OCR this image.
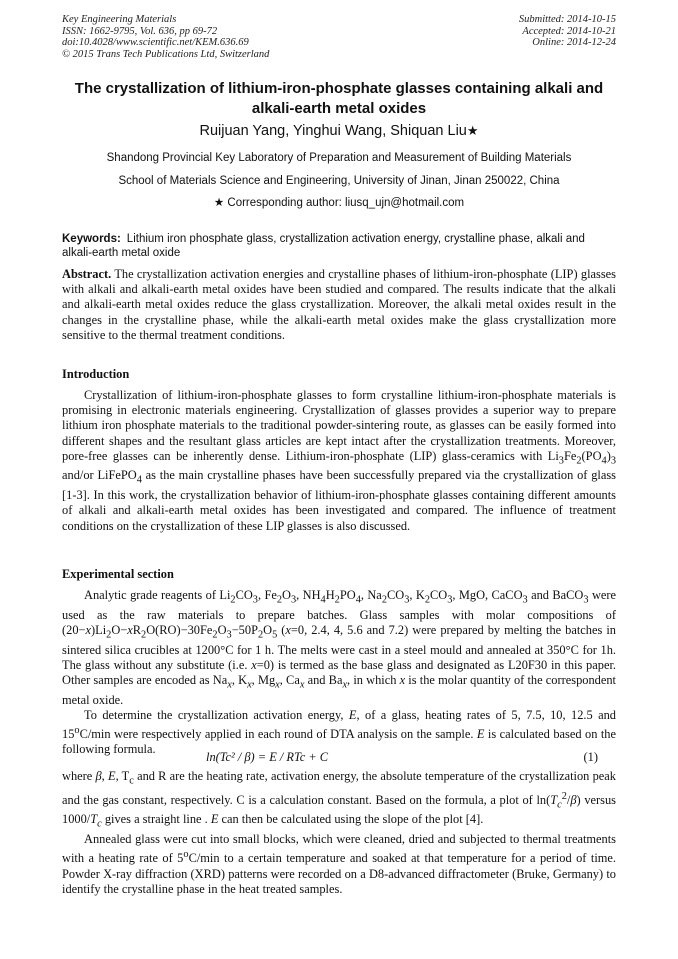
Key Engineering Materials
ISSN: 1662-9795, Vol. 636, pp 69-72
doi:10.4028/www.scientific.net/KEM.636.69
© 2015 Trans Tech Publications Ltd, Switzerland
Submitted: 2014-10-15
Accepted: 2014-10-21
Online: 2014-12-24
The crystallization of lithium-iron-phosphate glasses containing alkali and alkali-earth metal oxides
Ruijuan Yang, Yinghui Wang, Shiquan Liu★
Shandong Provincial Key Laboratory of Preparation and Measurement of Building Materials
School of Materials Science and Engineering, University of Jinan, Jinan 250022, China
★ Corresponding author: liusq_ujn@hotmail.com
Keywords: Lithium iron phosphate glass, crystallization activation energy, crystalline phase, alkali and alkali-earth metal oxide
Abstract. The crystallization activation energies and crystalline phases of lithium-iron-phosphate (LIP) glasses with alkali and alkali-earth metal oxides have been studied and compared. The results indicate that the alkali and alkali-earth metal oxides reduce the glass crystallization. Moreover, the alkali metal oxides result in the changes in the crystalline phase, while the alkali-earth metal oxides make the glass crystallization more sensitive to the thermal treatment conditions.
Introduction

Crystallization of lithium-iron-phosphate glasses to form crystalline lithium-iron-phosphate materials is promising in electronic materials engineering. Crystallization of glasses provides a superior way to prepare lithium iron phosphate materials to the traditional powder-sintering route, as glasses can be easily formed into different shapes and the resultant glass articles are kept intact after the crystallization treatments. Moreover, pore-free glasses can be inherently dense. Lithium-iron-phosphate (LIP) glass-ceramics with $Li_3Fe_2(PO_4)_3$ and/or LiFePO$_4$ as the main crystalline phases have been successfully prepared via the crystallization of glass [1-3]. In this work, the crystallization behavior of lithium-iron-phosphate glasses containing different amounts of alkali and alkali-earth metal oxides has been investigated and compared. The influence of treatment conditions on the crystallization of these LIP glasses is also discussed.

Experimental section

Analytic grade reagents of $Li_2CO_3$, $Fe_2O_3$, $NH_4H_2PO_4$, $Na_2CO_3$, $K_2CO_3$, MgO, CaCO$_3$ and BaCO$_3$ were used as the raw materials to prepare batches. Glass samples with molar compositions of $(20-x)Li_2O-xR_2O(RO)-30Fe_2O_3-50P_2O_5$ (x=0, 2.4, 4, 5.6 and 7.2) were prepared by melting the batches in sintered silica crucibles at 1200°C for 1 h. The melts were cast in a steel mould and annealed at 350°C for 1h. The glass without any substitute (i.e. x=0) is termed as the base glass and designated as L20F30 in this paper. Other samples are encoded as $Na_x$, $K_x$, $Mg_x$, $Ca_x$ and $Ba_x$, in which x is the molar quantity of the correspondent metal oxide.

To determine the crystallization activation energy, E, of a glass, heating rates of 5, 7.5, 10, 12.5 and 15$^o$C/min were respectively applied in each round of DTA analysis on the sample. E is calculated based on the following formula.

ln(Tc² / β) = E / RTc + C	(1)

where β, E, $T_c$ and R are the heating rate, activation energy, the absolute temperature of the crystallization peak and the gas constant, respectively. C is a calculation constant. Based on the formula, a plot of $\ln(T_c^2/\beta)$ versus $1000/T_c$ gives a straight line . E can then be calculated using the slope of the plot [4].

Annealed glass were cut into small blocks, which were cleaned, dried and subjected to thermal treatments with a heating rate of 5$^o$C/min to a certain temperature and soaked at that temperature for a period of time. Powder X-ray diffraction (XRD) patterns were recorded on a D8-advanced diffractometer (Bruke, Germany) to identify the crystalline phase in the heat treated samples.
